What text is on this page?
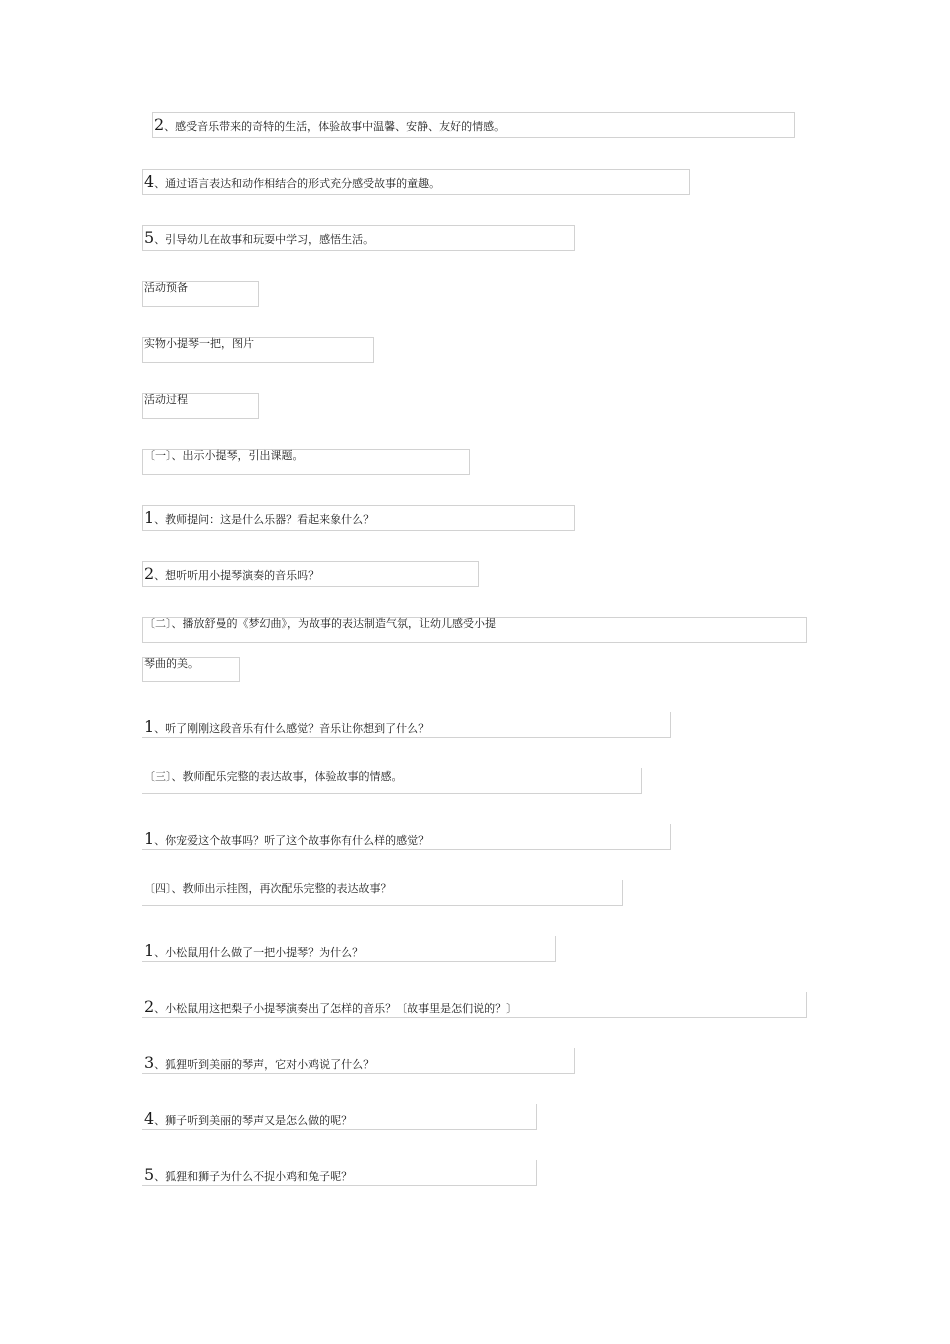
2、感受音乐带来的奇特的生活，体验故事中温馨、安静、友好的情感。
4、通过语言表达和动作相结合的形式充分感受故事的童趣。
5、引导幼儿在故事和玩耍中学习，感悟生活。
活动预备
实物小提琴一把，图片
活动过程
〔一〕、出示小提琴，引出课题。
1、教师提问：这是什么乐器？看起来象什么？
2、想听听用小提琴演奏的音乐吗？
〔二〕、播放舒曼的《梦幻曲》，为故事的表达制造气氛，让幼儿感受小提
琴曲的美。
1、听了刚刚这段音乐有什么感觉？音乐让你想到了什么？
〔三〕、教师配乐完整的表达故事，体验故事的情感。
1、你宠爱这个故事吗？听了这个故事你有什么样的感觉？
〔四〕、教师出示挂图，再次配乐完整的表达故事？
1、小松鼠用什么做了一把小提琴？为什么？
2、小松鼠用这把梨子小提琴演奏出了怎样的音乐？〔故事里是怎们说的？〕
3、狐狸听到美丽的琴声，它对小鸡说了什么？
4、狮子听到美丽的琴声又是怎么做的呢？
5、狐狸和狮子为什么不捉小鸡和兔子呢？
